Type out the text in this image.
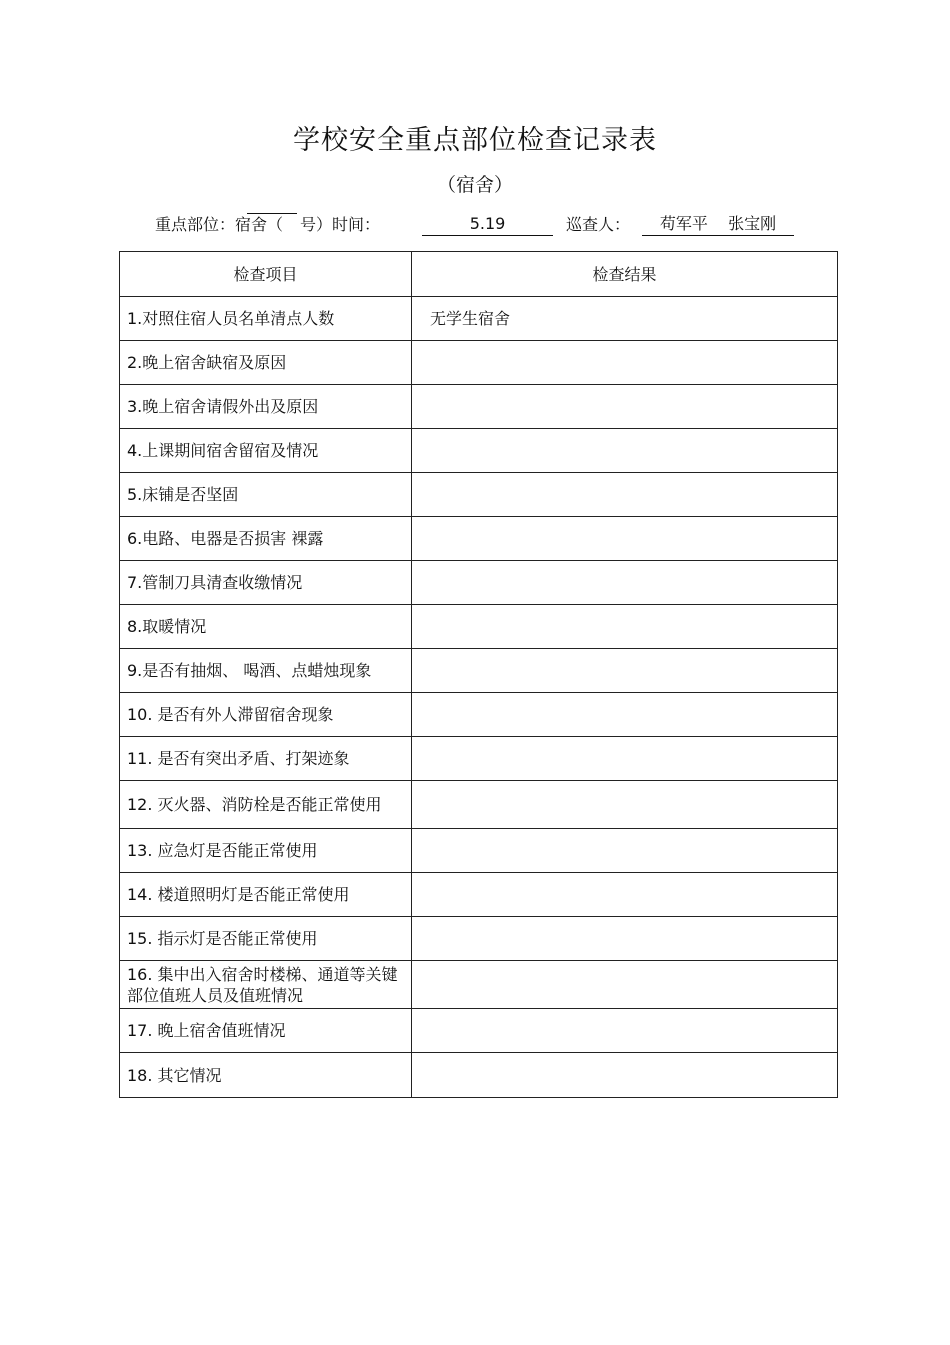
学校安全重点部位检查记录表
（宿舍）
重点部位：宿舍（ 号）时间：	5.19	巡查人：	苟军平    张宝刚
检查项目	检查结果
1.对照住宿人员名单清点人数	无学生宿舍
2.晚上宿舍缺宿及原因	
3.晚上宿舍请假外出及原因	
4.上课期间宿舍留宿及情况	
5.床铺是否坚固	
6.电路、电器是否损害 裸露	
7.管制刀具清查收缴情况	
8.取暖情况	
9.是否有抽烟、 喝酒、点蜡烛现象	
10. 是否有外人滞留宿舍现象	
11. 是否有突出矛盾、打架迹象	
12. 灭火器、消防栓是否能正常使用	
13. 应急灯是否能正常使用	
14. 楼道照明灯是否能正常使用	
15. 指示灯是否能正常使用	
16. 集中出入宿舍时楼梯、通道等关键部位值班人员及值班情况	
17. 晚上宿舍值班情况	
18. 其它情况	
